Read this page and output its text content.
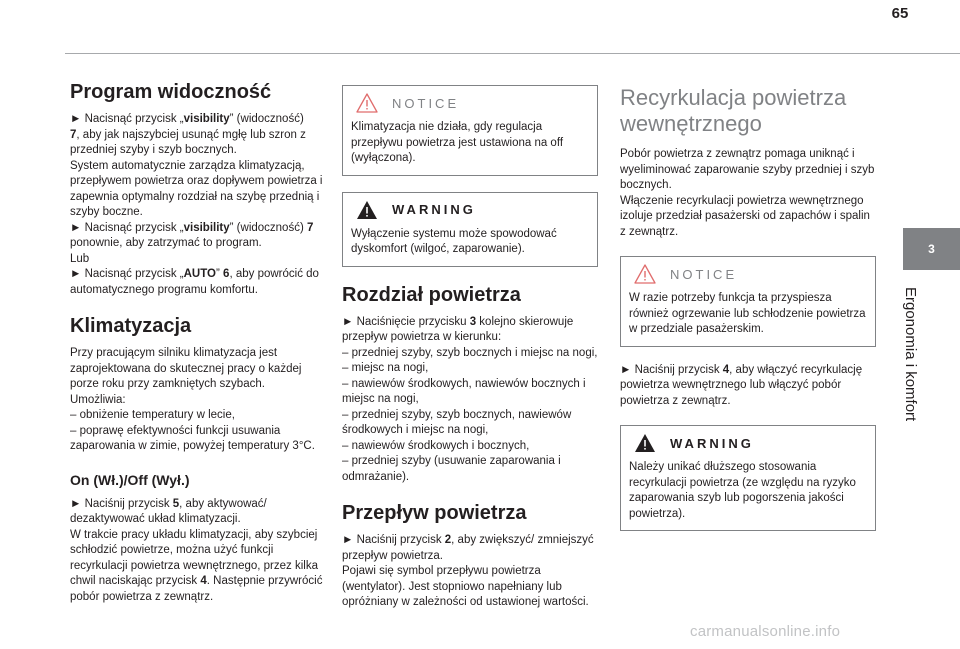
65
3
Ergonomia i komfort
Program widoczność

► Nacisnąć przycisk „visibility” (widoczność)
7, aby jak najszybciej usunąć mgłę lub szron z przedniej szyby i szyb bocznych.
System automatycznie zarządza klimatyzacją, przepływem powietrza oraz dopływem powietrza i zapewnia optymalny rozdział na szybę przednią i szyby boczne.
► Nacisnąć przycisk „visibility” (widoczność) 7 ponownie, aby zatrzymać to program.
Lub
► Nacisnąć przycisk „AUTO” 6, aby powrócić do automatycznego programu komfortu.

Klimatyzacja

Przy pracującym silniku klimatyzacja jest zaprojektowana do skutecznej pracy o każdej porze roku przy zamkniętych szybach.
Umożliwia:
– obniżenie temperatury w lecie,
– poprawę efektywności funkcji usuwania zaparowania w zimie, powyżej temperatury 3°C.

On (Wł.)/Off (Wył.)

► Naciśnij przycisk 5, aby aktywować/ dezaktywować układ klimatyzacji.
W trakcie pracy układu klimatyzacji, aby szybciej schłodzić powietrze, można użyć funkcji recyrkulacji powietrza wewnętrznego, przez kilka chwil naciskając przycisk 4. Następnie przywrócić pobór powietrza z zewnątrz.

NOTICE
Klimatyzacja nie działa, gdy regulacja przepływu powietrza jest ustawiona na off (wyłączona).
WARNING
Wyłączenie systemu może spowodować dyskomfort (wilgoć, zaparowanie).
Rozdział powietrza

► Naciśnięcie przycisku 3 kolejno skierowuje przepływ powietrza w kierunku:
– przedniej szyby, szyb bocznych i miejsc na nogi,
– miejsc na nogi,
– nawiewów środkowych, nawiewów bocznych i miejsc na nogi,
– przedniej szyby, szyb bocznych, nawiewów środkowych i miejsc na nogi,
– nawiewów środkowych i bocznych,
– przedniej szyby (usuwanie zaparowania i odmrażanie).

Przepływ powietrza

► Naciśnij przycisk 2, aby zwiększyć/ zmniejszyć przepływ powietrza.
Pojawi się symbol przepływu powietrza (wentylator). Jest stopniowo napełniany lub opróżniany w zależności od ustawionej wartości.

Recyrkulacja powietrza wewnętrznego

Pobór powietrza z zewnątrz pomaga uniknąć i wyeliminować zaparowanie szyby przedniej i szyb bocznych.
Włączenie recyrkulacji powietrza wewnętrznego izoluje przedział pasażerski od zapachów i spalin z zewnątrz.

NOTICE
W razie potrzeby funkcja ta przyspiesza również ogrzewanie lub schłodzenie powietrza w przedziale pasażerskim.

► Naciśnij przycisk 4, aby włączyć recyrkulację powietrza wewnętrznego lub włączyć pobór powietrza z zewnątrz.

WARNING
Należy unikać dłuższego stosowania recyrkulacji powietrza (ze względu na ryzyko zaparowania szyb lub pogorszenia jakości powietrza).
carmanualsonline.info
